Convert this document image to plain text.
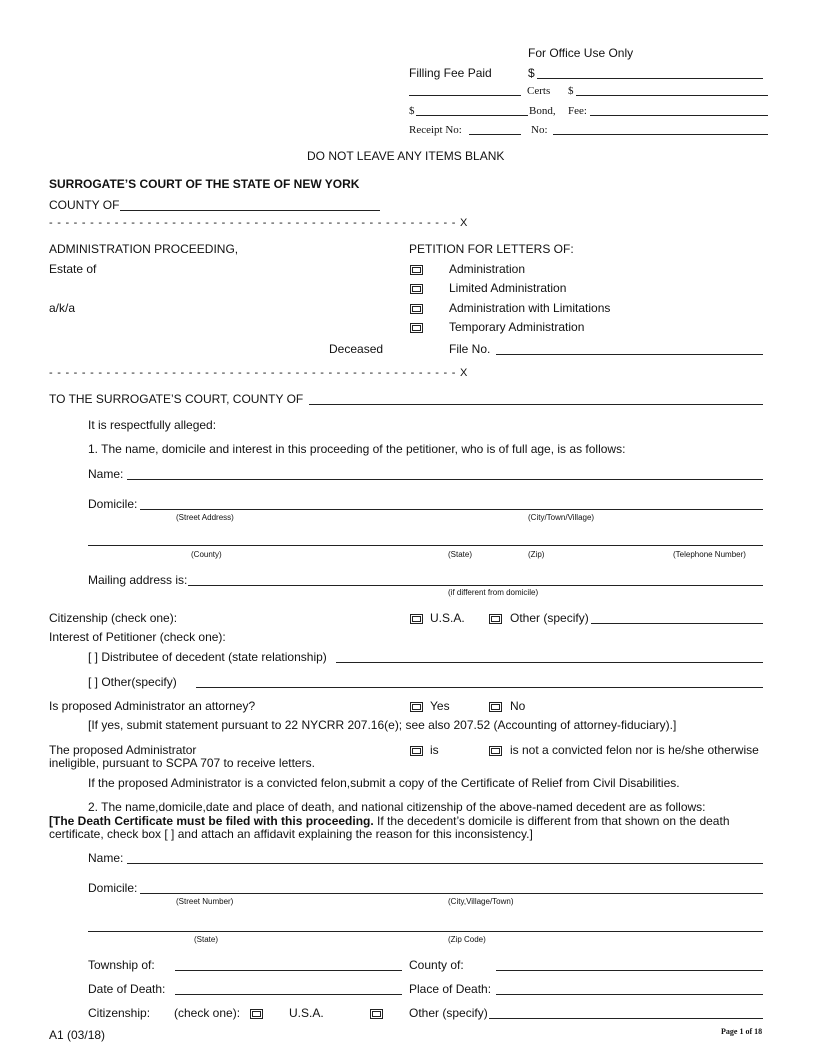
For Office Use Only
Filling Fee Paid	$
Certs $
$	Bond, Fee:
Receipt No:	No:
DO NOT LEAVE ANY ITEMS BLANK
SURROGATE’S COURT OF THE STATE OF NEW YORK
COUNTY OF
- - - - - - - - - - - - - - - - - - - - - - - - - - - - - - - - - - - - - - - - - - - - - - - - - - X
ADMINISTRATION PROCEEDING,
Estate of
a/k/a
Deceased
PETITION FOR LETTERS OF:
Administration
Limited Administration
Administration with Limitations
Temporary Administration
File No.
- - - - - - - - - - - - - - - - - - - - - - - - - - - - - - - - - - - - - - - - - - - - - - - - - - X
TO THE SURROGATE’S COURT, COUNTY OF
It is respectfully alleged:
1. The name, domicile and interest in this proceeding of the petitioner, who is of full age, is as follows:
Name:
Domicile:
(Street Address)	(City/Town/Village)
(County)	(State)	(Zip)	(Telephone Number)
Mailing address is:
(if different from domicile)
Citizenship (check one):	U.S.A.	Other (specify)
Interest of Petitioner (check one):
[ ] Distributee of decedent (state relationship)
[ ] Other(specify)
Is proposed Administrator an attorney?	Yes	No
[If yes, submit statement pursuant to 22 NYCRR 207.16(e); see also 207.52 (Accounting of attorney-fiduciary).]
The proposed Administrator	is	is not a convicted felon nor is he/she otherwise
ineligible, pursuant to SCPA 707 to receive letters.
If the proposed Administrator is a convicted felon,submit a copy of the Certificate of Relief from Civil Disabilities.
2. The name,domicile,date and place of death, and national citizenship of the above-named decedent are as follows:
[The Death Certificate must be filed with this proceeding. If the decedent’s domicile is different from that shown on the death
certificate, check box [ ] and attach an affidavit explaining the reason for this inconsistency.]
Name:
Domicile:
(Street Number)	(City,Village/Town)
(State)	(Zip Code)
Township of:	County of:
Date of Death:	Place of Death:
Citizenship: (check one):	U.S.A.	Other (specify)
A1 (03/18)	Page 1 of 18
